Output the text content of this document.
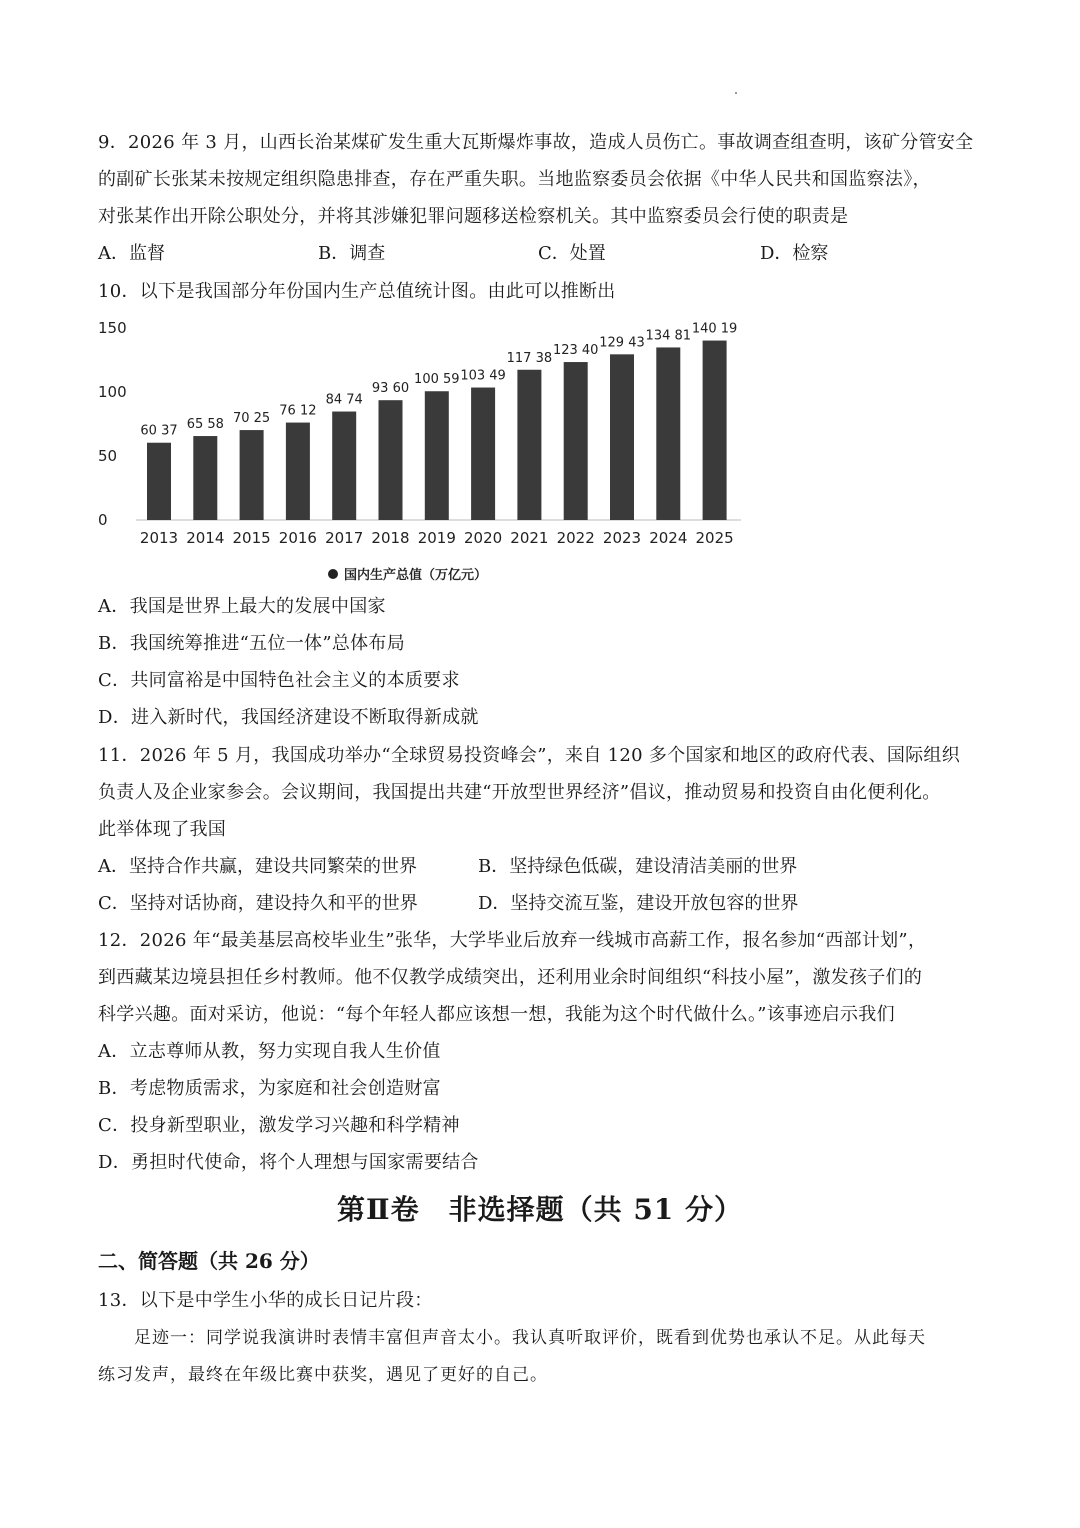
9．2026 年 3 月，山西长治某煤矿发生重大瓦斯爆炸事故，造成人员伤亡。事故调查组查明，该矿分管安全
的副矿长张某未按规定组织隐患排查，存在严重失职。当地监察委员会依据《中华人民共和国监察法》，
对张某作出开除公职处分，并将其涉嫌犯罪问题移送检察机关。其中监察委员会行使的职责是
A．监督	B．调查	C．处置	D．检察
10．以下是我国部分年份国内生产总值统计图。由此可以推断出
0
50
100
150
60 37 65 58 70 25
76 12
84 74
93 60
100 59 103 49
117 38
123 40
129 43 134 81 140 19
2013 2014 2015 2016 2017 2018 2019 2020 2021 2022 2023 2024 2025
国内生产总值（万亿元）
A．我国是世界上最大的发展中国家
B．我国统筹推进“五位一体”总体布局
C．共同富裕是中国特色社会主义的本质要求
D．进入新时代，我国经济建设不断取得新成就
11．2026 年 5 月，我国成功举办“全球贸易投资峰会”，来自 120 多个国家和地区的政府代表、国际组织
负责人及企业家参会。会议期间，我国提出共建“开放型世界经济”倡议，推动贸易和投资自由化便利化。
此举体现了我国
A．坚持合作共赢，建设共同繁荣的世界	B．坚持绿色低碳，建设清洁美丽的世界
C．坚持对话协商，建设持久和平的世界	D．坚持交流互鉴，建设开放包容的世界
12．2026 年“最美基层高校毕业生”张华，大学毕业后放弃一线城市高薪工作，报名参加“西部计划”，
到西藏某边境县担任乡村教师。他不仅教学成绩突出，还利用业余时间组织“科技小屋”，激发孩子们的
科学兴趣。面对采访，他说：“每个年轻人都应该想一想，我能为这个时代做什么。”该事迹启示我们
A．立志尊师从教，努力实现自我人生价值
B．考虑物质需求，为家庭和社会创造财富
C．投身新型职业，激发学习兴趣和科学精神
D．勇担时代使命，将个人理想与国家需要结合
第Ⅱ卷　非选择题（共 51 分）
二、简答题（共 26 分）
13．以下是中学生小华的成长日记片段：
足迹一：同学说我演讲时表情丰富但声音太小。我认真听取评价，既看到优势也承认不足。从此每天
练习发声，最终在年级比赛中获奖，遇见了更好的自己。
